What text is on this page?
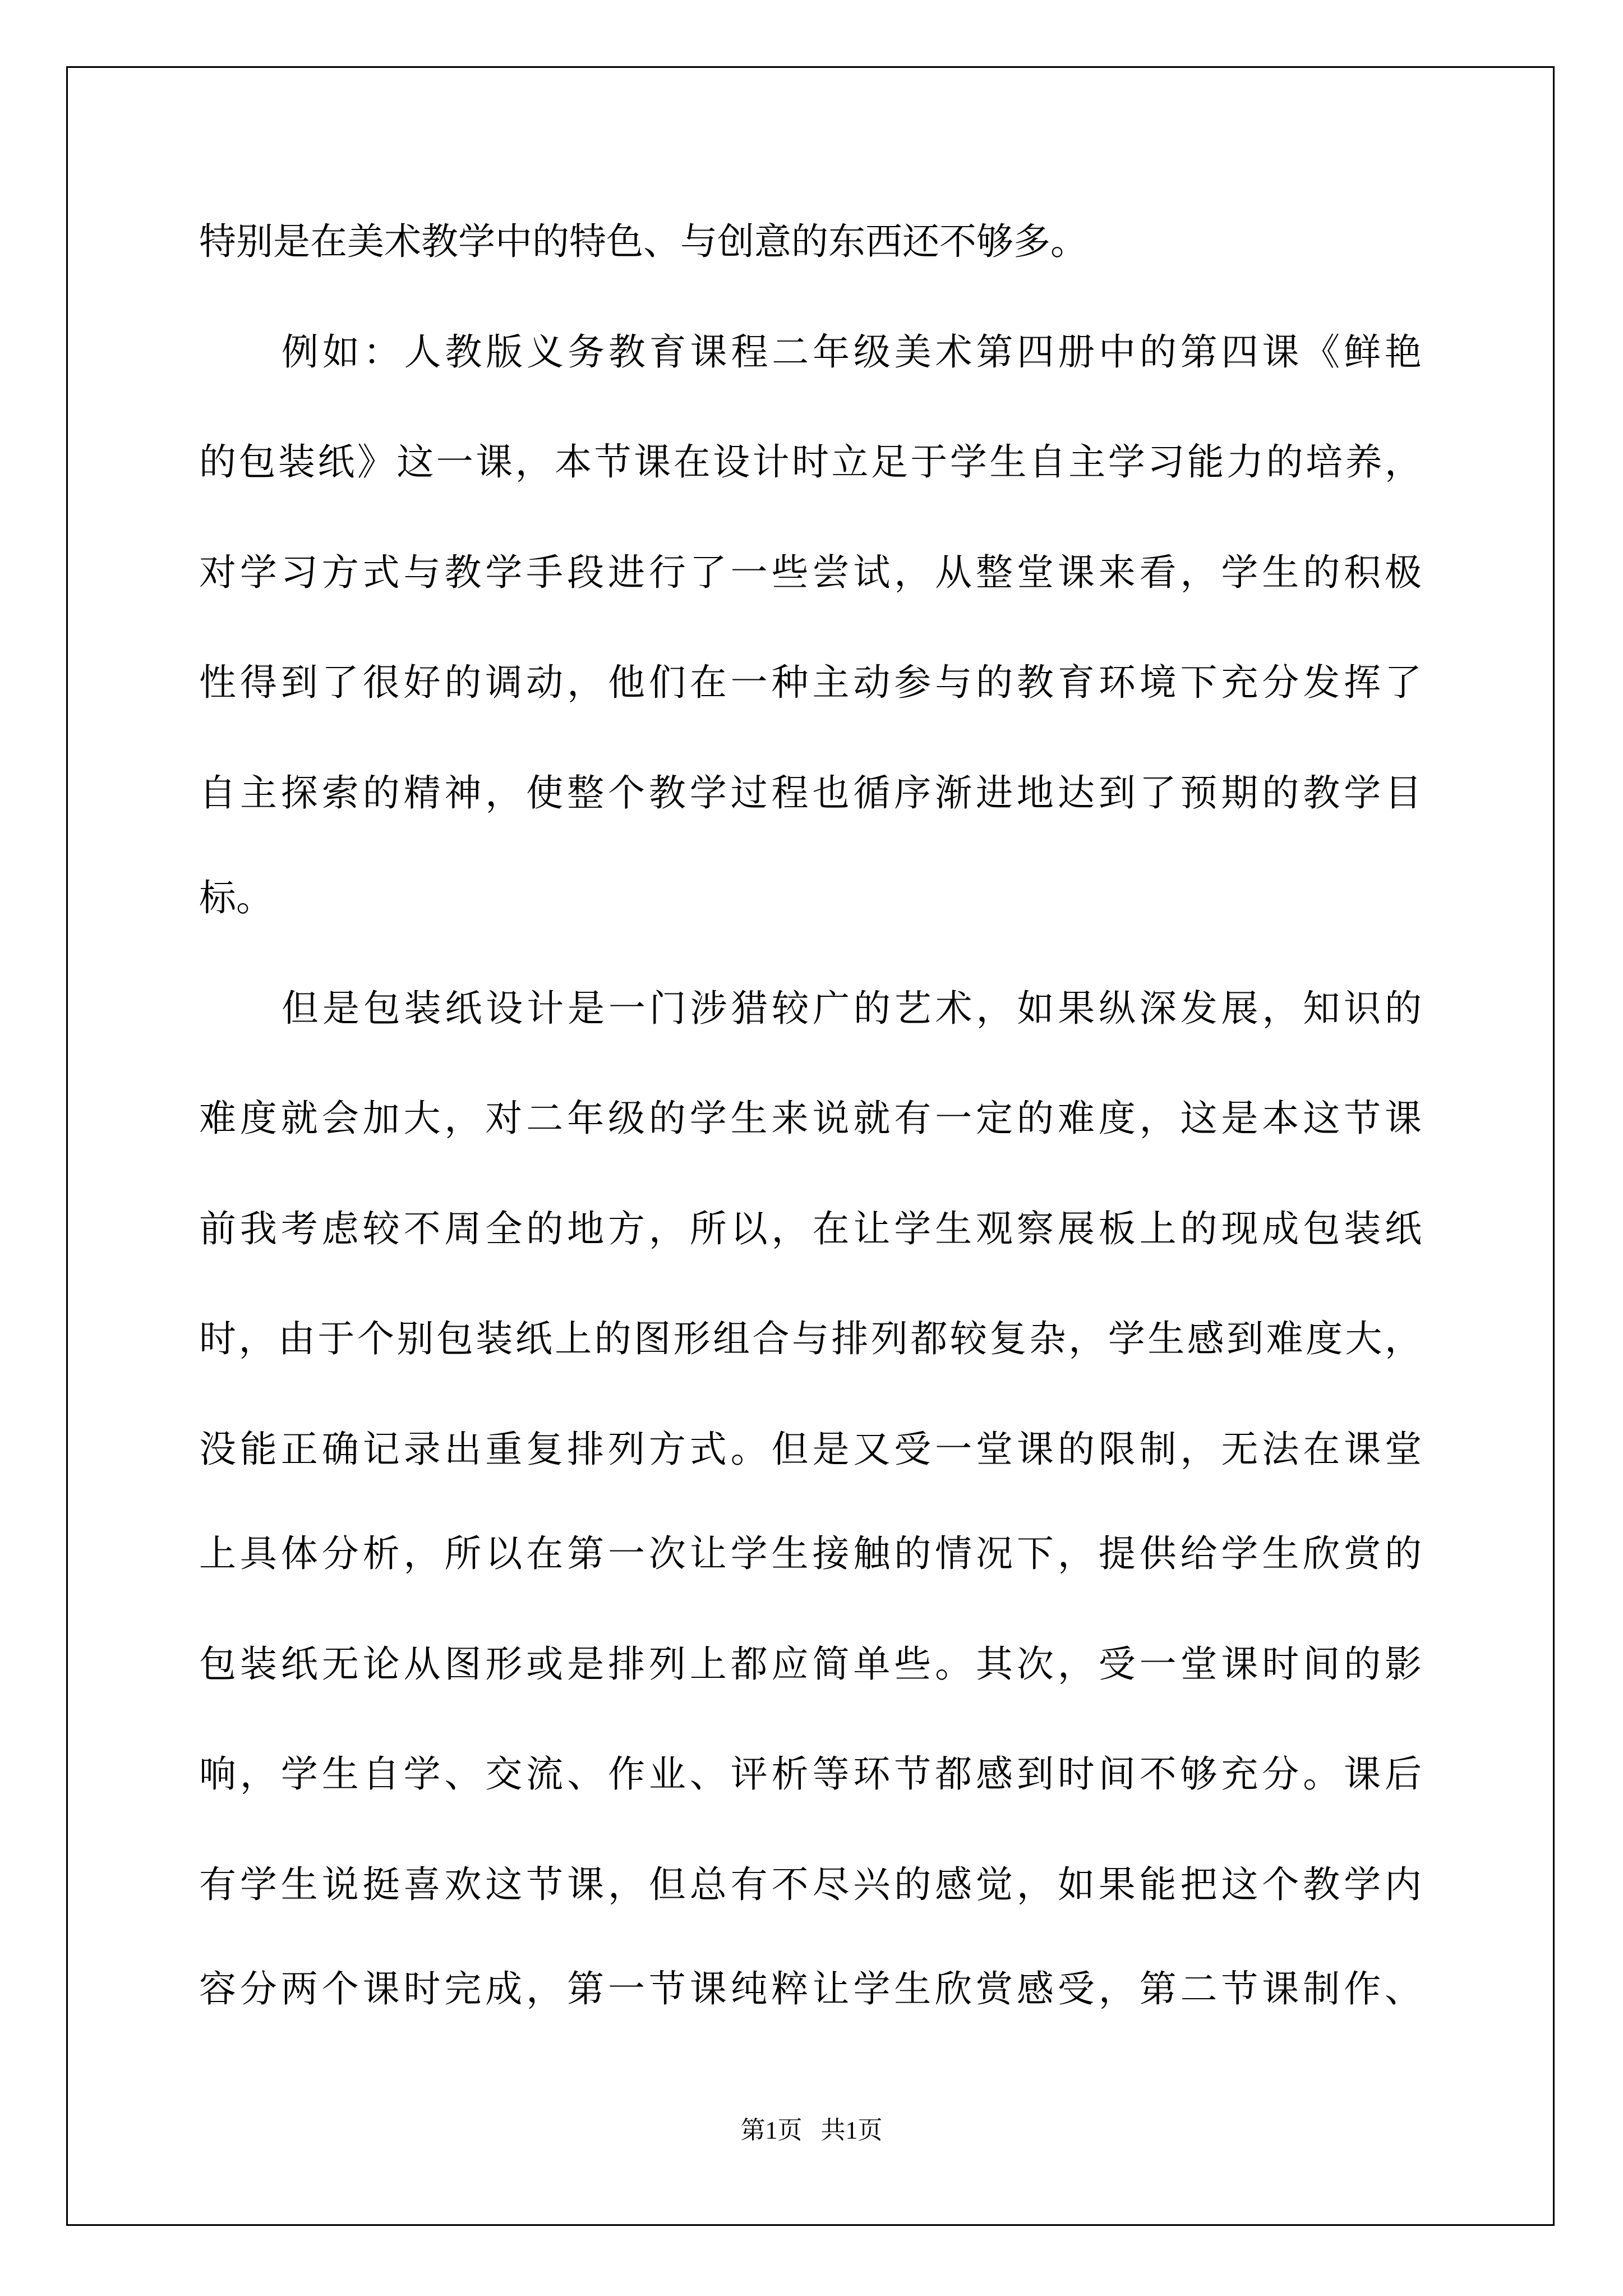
特别是在美术教学中的特色、与创意的东西还不够多。
例如：人教版义务教育课程二年级美术第四册中的第四课《鲜艳
的包装纸》这一课，本节课在设计时立足于学生自主学习能力的培养，
对学习方式与教学手段进行了一些尝试，从整堂课来看，学生的积极
性得到了很好的调动，他们在一种主动参与的教育环境下充分发挥了
自主探索的精神，使整个教学过程也循序渐进地达到了预期的教学目
标。
但是包装纸设计是一门涉猎较广的艺术，如果纵深发展，知识的
难度就会加大，对二年级的学生来说就有一定的难度，这是本这节课
前我考虑较不周全的地方，所以，在让学生观察展板上的现成包装纸
时，由于个别包装纸上的图形组合与排列都较复杂，学生感到难度大，
没能正确记录出重复排列方式。但是又受一堂课的限制，无法在课堂
上具体分析，所以在第一次让学生接触的情况下，提供给学生欣赏的
包装纸无论从图形或是排列上都应简单些。其次，受一堂课时间的影
响，学生自学、交流、作业、评析等环节都感到时间不够充分。课后
有学生说挺喜欢这节课，但总有不尽兴的感觉，如果能把这个教学内
容分两个课时完成，第一节课纯粹让学生欣赏感受，第二节课制作、
第1页   共1页
